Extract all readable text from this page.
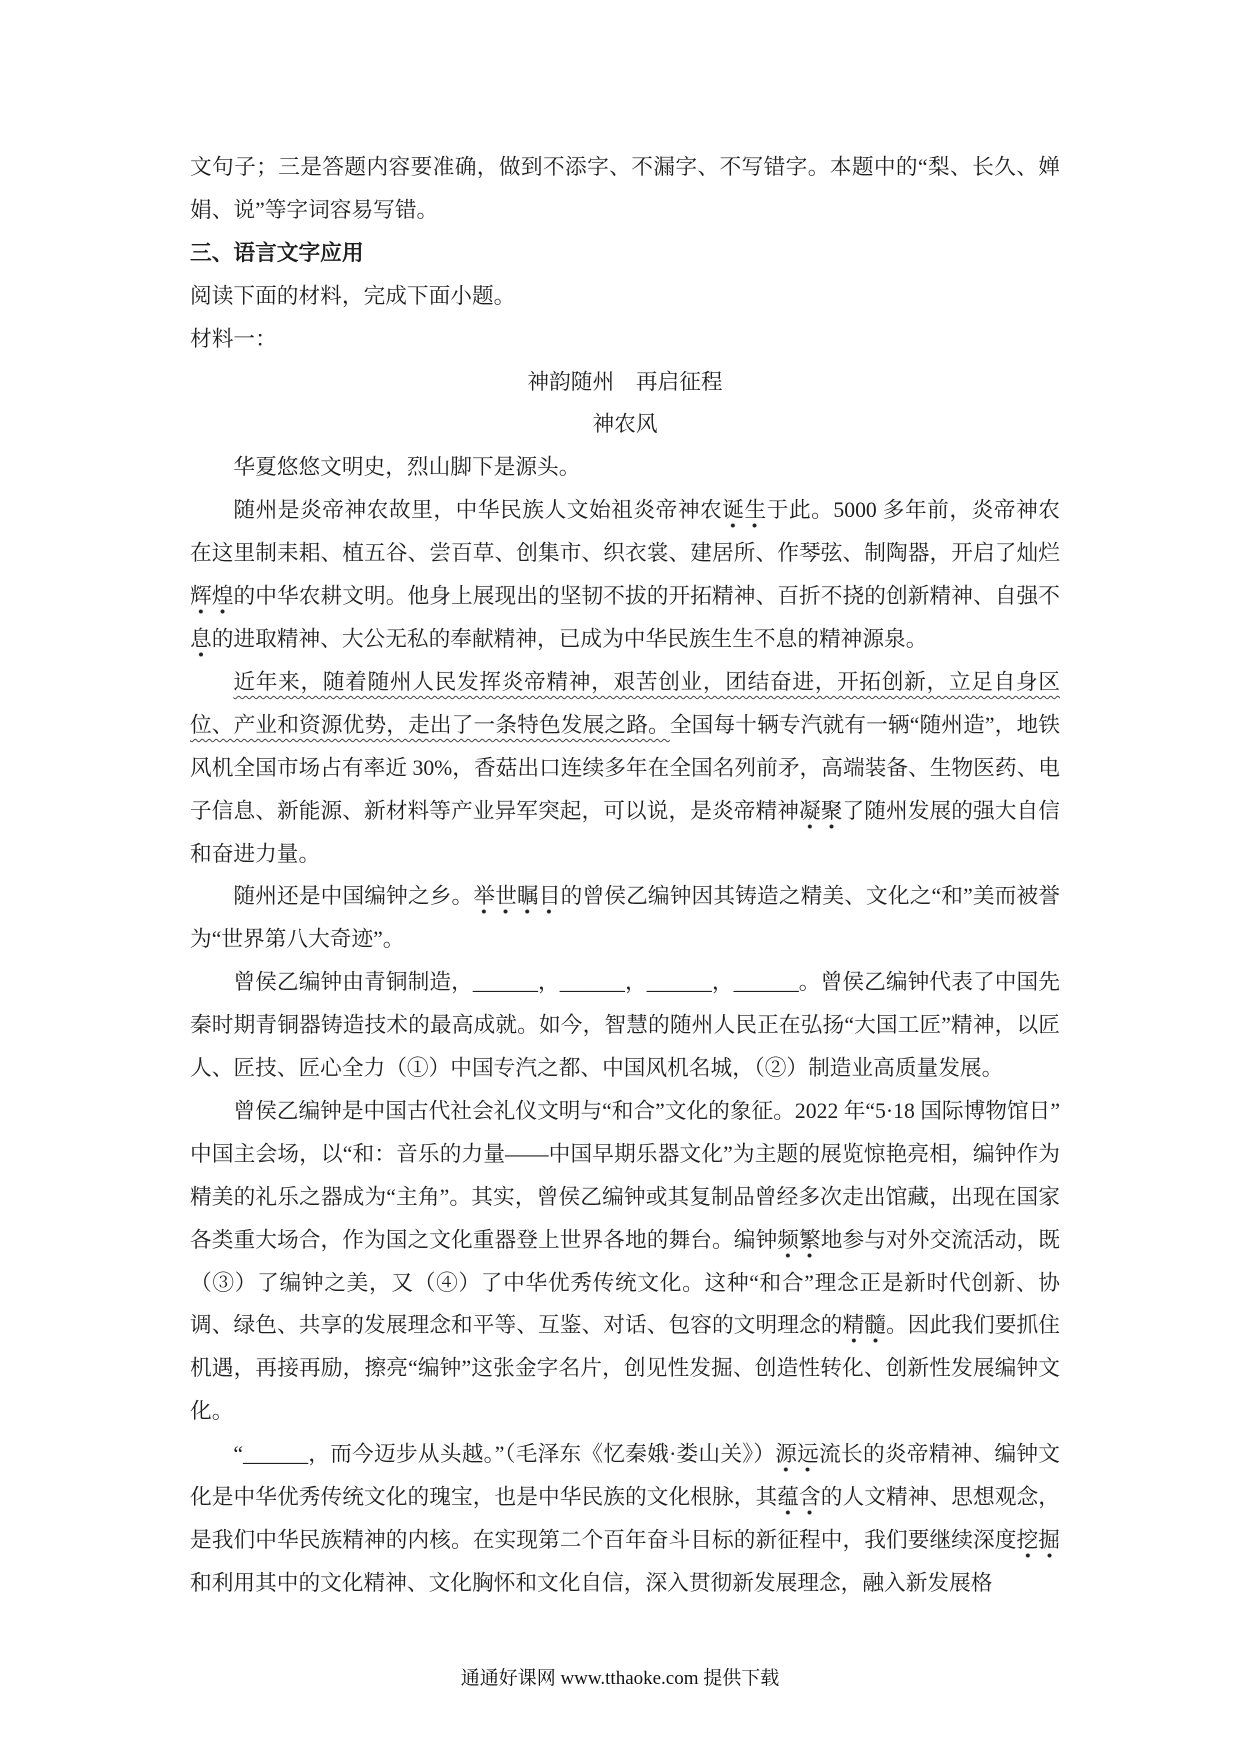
文句子；三是答题内容要准确，做到不添字、不漏字、不写错字。本题中的“梨、长久、婵娟、说”等字词容易写错。

三、语言文字应用

阅读下面的材料，完成下面小题。

材料一：

神韵随州　再启征程

神农风

华夏悠悠文明史，烈山脚下是源头。

随州是炎帝神农故里，中华民族人文始祖炎帝神农诞生于此。5000 多年前，炎帝神农在这里制耒耜、植五谷、尝百草、创集市、织衣裳、建居所、作琴弦、制陶器，开启了灿烂辉煌的中华农耕文明。他身上展现出的坚韧不拔的开拓精神、百折不挠的创新精神、自强不息的进取精神、大公无私的奉献精神，已成为中华民族生生不息的精神源泉。

近年来，随着随州人民发挥炎帝精神，艰苦创业，团结奋进，开拓创新，立足自身区位、产业和资源优势，走出了一条特色发展之路。全国每十辆专汽就有一辆“随州造”，地铁风机全国市场占有率近 30%，香菇出口连续多年在全国名列前矛，高端装备、生物医药、电子信息、新能源、新材料等产业异军突起，可以说，是炎帝精神凝聚了随州发展的强大自信和奋进力量。

随州还是中国编钟之乡。举世瞩目的曾侯乙编钟因其铸造之精美、文化之“和”美而被誉为“世界第八大奇迹”。

曾侯乙编钟由青铜制造，______，______，______，______。曾侯乙编钟代表了中国先秦时期青铜器铸造技术的最高成就。如今，智慧的随州人民正在弘扬“大国工匠”精神，以匠人、匠技、匠心全力（①）中国专汽之都、中国风机名城，（②）制造业高质量发展。

曾侯乙编钟是中国古代社会礼仪文明与“和合”文化的象征。2022 年“5·18 国际博物馆日”中国主会场，以“和：音乐的力量——中国早期乐器文化”为主题的展览惊艳亮相，编钟作为精美的礼乐之器成为“主角”。其实，曾侯乙编钟或其复制品曾经多次走出馆藏，出现在国家各类重大场合，作为国之文化重器登上世界各地的舞台。编钟频繁地参与对外交流活动，既（③）了编钟之美，又（④）了中华优秀传统文化。这种“和合”理念正是新时代创新、协调、绿色、共享的发展理念和平等、互鉴、对话、包容的文明理念的精髓。因此我们要抓住机遇，再接再励，擦亮“编钟”这张金字名片，创见性发掘、创造性转化、创新性发展编钟文化。

“______，而今迈步从头越。”（毛泽东《忆秦娥·娄山关》）源远流长的炎帝精神、编钟文化是中华优秀传统文化的瑰宝，也是中华民族的文化根脉，其蕴含的人文精神、思想观念，是我们中华民族精神的内核。在实现第二个百年奋斗目标的新征程中，我们要继续深度挖掘和利用其中的文化精神、文化胸怀和文化自信，深入贯彻新发展理念，融入新发展格

通通好课网 www.tthaoke.com 提供下载
